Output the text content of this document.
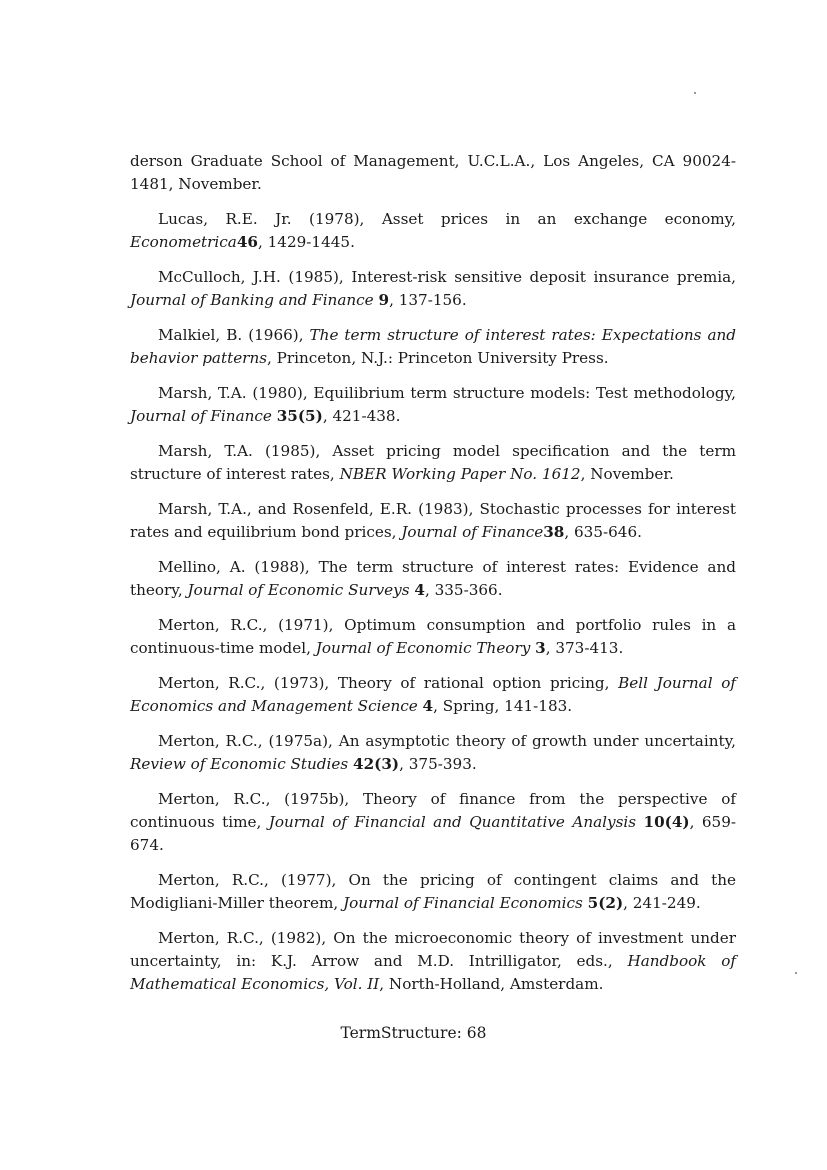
derson Graduate School of Management, U.C.L.A., Los Angeles, CA 90024-1481, November.

Lucas, R.E. Jr. (1978), Asset prices in an exchange economy, Econometrica46, 1429-1445.

McCulloch, J.H. (1985), Interest-risk sensitive deposit insurance premia, Journal of Banking and Finance 9, 137-156.

Malkiel, B. (1966), The term structure of interest rates: Expectations and behavior patterns, Princeton, N.J.: Princeton University Press.

Marsh, T.A. (1980), Equilibrium term structure models: Test methodology, Journal of Finance 35(5), 421-438.

Marsh, T.A. (1985), Asset pricing model specification and the term structure of interest rates, NBER Working Paper No. 1612, November.

Marsh, T.A., and Rosenfeld, E.R. (1983), Stochastic processes for interest rates and equilibrium bond prices, Journal of Finance38, 635-646.

Mellino, A. (1988), The term structure of interest rates: Evidence and theory, Journal of Economic Surveys 4, 335-366.

Merton, R.C., (1971), Optimum consumption and portfolio rules in a continuous-time model, Journal of Economic Theory 3, 373-413.

Merton, R.C., (1973), Theory of rational option pricing, Bell Journal of Economics and Management Science 4, Spring, 141-183.

Merton, R.C., (1975a), An asymptotic theory of growth under uncertainty, Review of Economic Studies 42(3), 375-393.

Merton, R.C., (1975b), Theory of finance from the perspective of continuous time, Journal of Financial and Quantitative Analysis 10(4), 659-674.

Merton, R.C., (1977), On the pricing of contingent claims and the Modigliani-Miller theorem, Journal of Financial Economics 5(2), 241-249.

Merton, R.C., (1982), On the microeconomic theory of investment under uncertainty, in: K.J. Arrow and M.D. Intrilligator, eds., Handbook of Mathematical Economics, Vol. II, North-Holland, Amsterdam.

TermStructure: 68
